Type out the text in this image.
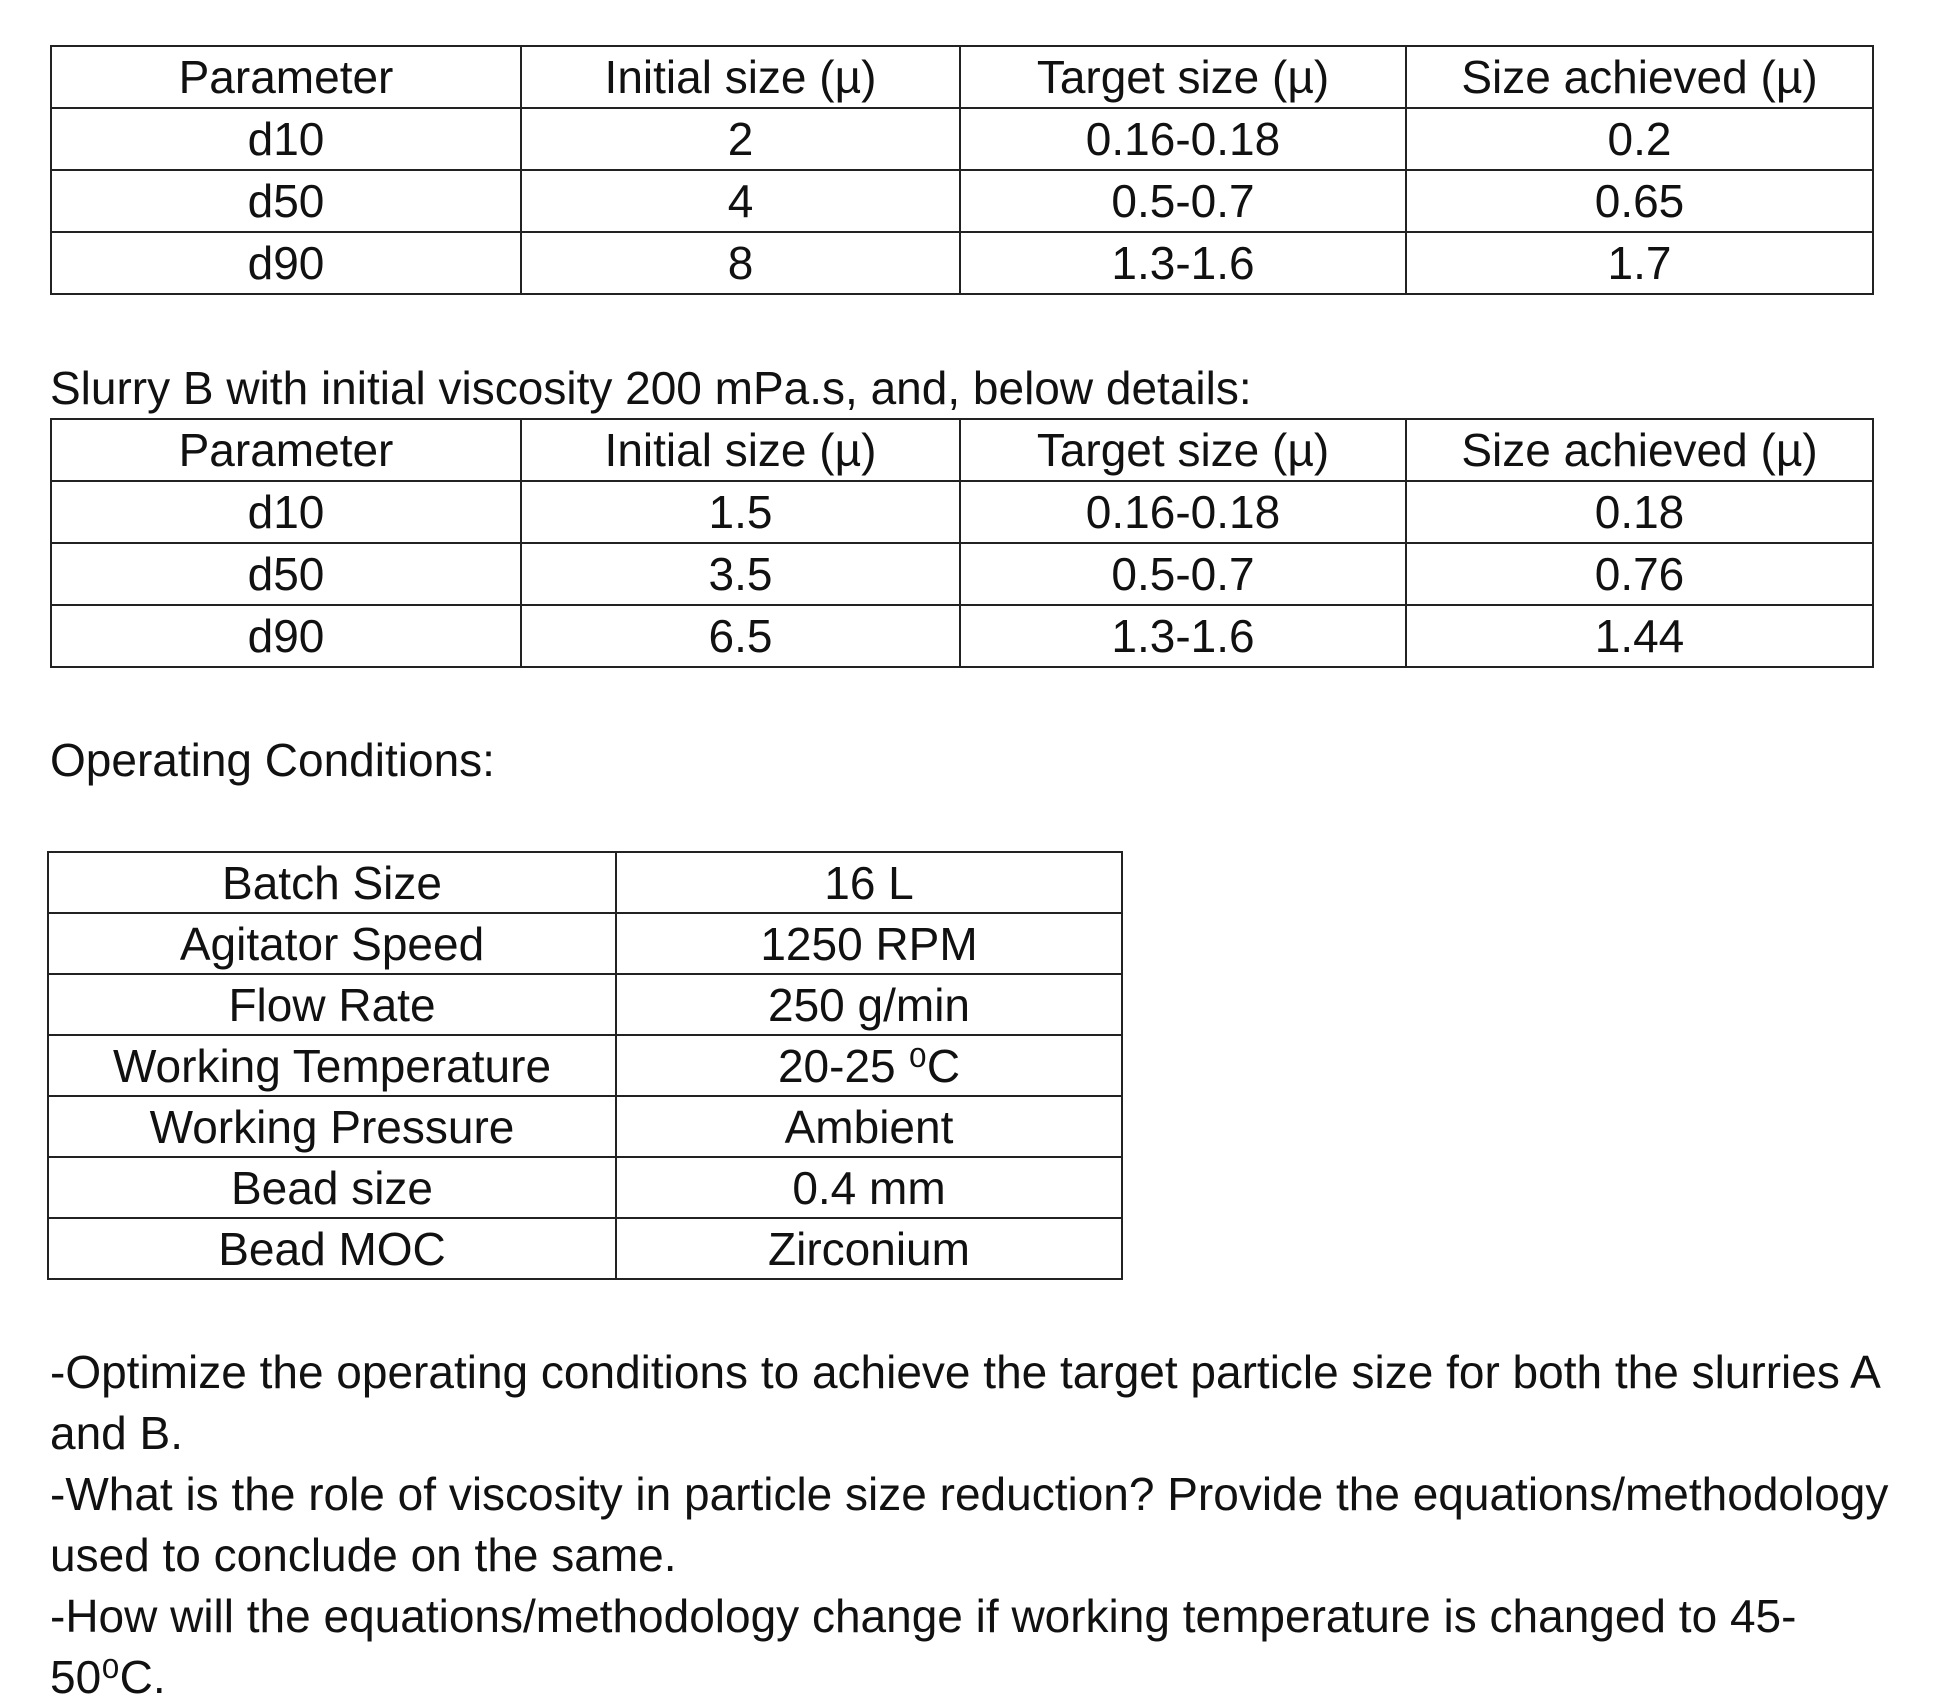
Parameter	Initial size (µ)	Target size (µ)	Size achieved (µ)
d10	2	0.16-0.18	0.2
d50	4	0.5-0.7	0.65
d90	8	1.3-1.6	1.7
Slurry B with initial viscosity 200 mPa.s, and, below details:
Parameter	Initial size (µ)	Target size (µ)	Size achieved (µ)
d10	1.5	0.16-0.18	0.18
d50	3.5	0.5-0.7	0.76
d90	6.5	1.3-1.6	1.44
Operating Conditions:
Batch Size	16 L
Agitator Speed	1250 RPM
Flow Rate	250 g/min
Working Temperature	20-25 ⁰C
Working Pressure	Ambient
Bead size	0.4 mm
Bead MOC	Zirconium

-Optimize the operating conditions to achieve the target particle size for both the slurries A and B.

-What is the role of viscosity in particle size reduction? Provide the equations/methodology used to conclude on the same.

-How will the equations/methodology change if working temperature is changed to 45-50⁰C.
